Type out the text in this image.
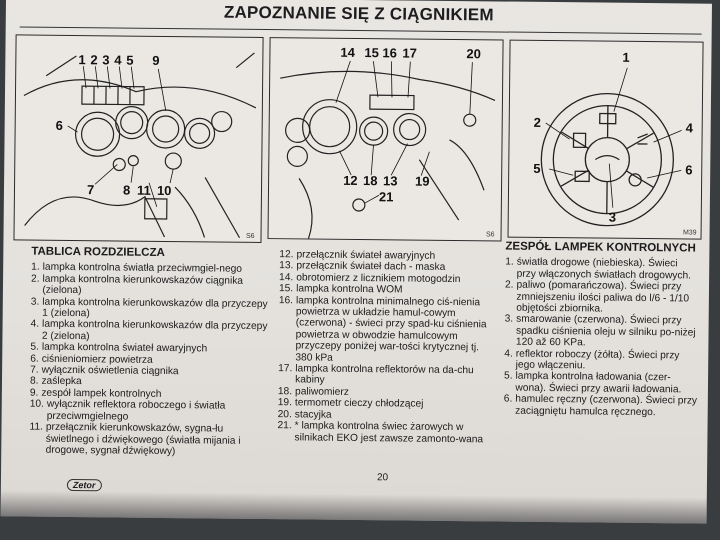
ZAPOZNANIE SIĘ Z CIĄGNIKIEM
1 2 3 4 5 9
6
7 8 11 10
S6
14 15 16 17	20
12 18 13 19
21
S6
1
2
3
4
5	6
M39
TABLICA ROZDZIELCZA
1. lampka kontrolna światła przeciwmgiel-nego
2. lampka kontrolna kierunkowskazów ciągnika (zielona)
3. lampka kontrolna kierunkowskazów dla przyczepy 1 (zielona)
4. lampka kontrolna kierunkowskazów dla przyczepy 2 (zielona)
5. lampka kontrolna świateł awaryjnych
6. ciśnieniomierz powietrza
7. wyłącznik oświetlenia ciągnika
8. zaślepka
9. zespół lampek kontrolnych
10. wyłącznik reflektora roboczego i światła przeciwmgielnego
11. przełącznik kierunkowskazów, sygna-łu świetlnego i dźwiękowego (światła mijania i drogowe, sygnał dźwiękowy)
12. przełącznik świateł awaryjnych
13. przełącznik świateł dach - maska
14. obrotomierz z licznikiem motogodzin
15. lampka kontrolna WOM
16. lampka kontrolna minimalnego ciś-nienia powietrza w układzie hamul-cowym (czerwona) - świeci przy spad-ku ciśnienia powietrza w obwodzie hamulcowym przyczepy poniżej war-tości krytycznej tj. 380 kPa
17. lampka kontrolna reflektorów na da-chu kabiny
18. paliwomierz
19. termometr cieczy chłodzącej
20. stacyjka
21. * lampka kontrolna świec żarowych w silnikach EKO jest zawsze zamonto-wana
20
ZESPÓŁ LAMPEK KONTROLNYCH
1. światła drogowe (niebieska). Świeci przy włączonych światłach drogowych.
2. paliwo (pomarańczowa). Świeci przy zmniejszeniu ilości paliwa do l/6 - 1/10 objętości zbiornika.
3. smarowanie (czerwona). Świeci przy spadku ciśnienia oleju w silniku po-niżej 120 až 60 KPa.
4. reflektor roboczy (żółta). Świeci przy jego włączeniu.
5. lampka kontrolna ładowania (czer-wona). Świeci przy awarii ładowania.
6. hamulec ręczny (czerwona). Świeci przy zaciągniętu hamulca ręcznego.
Zetor
